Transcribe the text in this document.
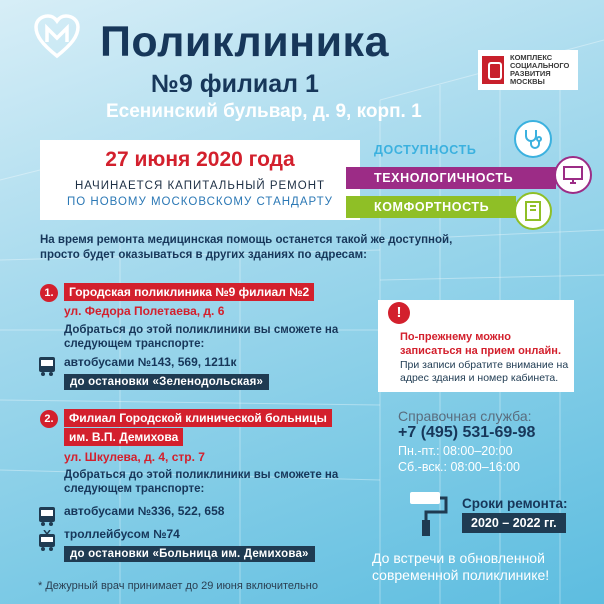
Поликлиника
№9 филиал 1
Есенинский бульвар, д. 9, корп. 1
КОМПЛЕКС СОЦИАЛЬНОГО РАЗВИТИЯ МОСКВЫ
27 июня 2020 года
НАЧИНАЕТСЯ КАПИТАЛЬНЫЙ РЕМОНТ
ПО НОВОМУ МОСКОВСКОМУ СТАНДАРТУ
ДОСТУПНОСТЬ
ТЕХНОЛОГИЧНОСТЬ
КОМФОРТНОСТЬ
На время ремонта медицинская помощь останется такой же доступной, просто будет оказываться в других зданиях по адресам:
1.	Городская поликлиника №9 филиал №2
ул. Федора Полетаева, д. 6
Добраться до этой поликлиники вы сможете на следующем транспорте:
автобусами №143, 569, 1211к
до остановки «Зеленодольская»
2.	Филиал Городской клинической больницы
им. В.П. Демихова
ул. Шкулева, д. 4, стр. 7
Добраться до этой поликлиники вы сможете на следующем транспорте:
автобусами №336, 522, 658
троллейбусом №74
до остановки «Больница им. Демихова»
!
По-прежнему можно записаться на прием онлайн.
При записи обратите внимание на адрес здания и номер кабинета.
Справочная служба:
+7 (495) 531-69-98
Пн.-пт.: 08:00–20:00
Сб.-вск.: 08:00–16:00
Сроки ремонта:
2020 – 2022 гг.
До встречи в обновленной
современной поликлинике!
* Дежурный врач принимает до 29 июня включительно
